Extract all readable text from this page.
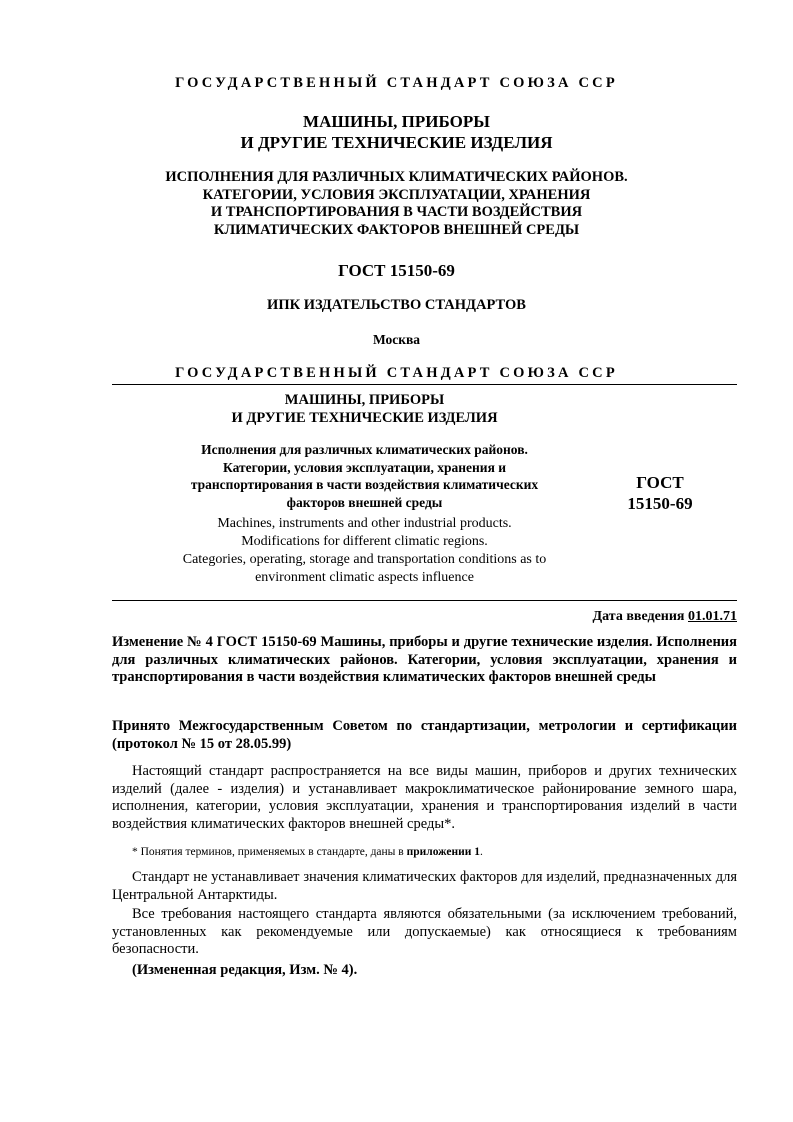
ГОСУДАРСТВЕННЫЙ СТАНДАРТ СОЮЗА ССР
МАШИНЫ, ПРИБОРЫ
И ДРУГИЕ ТЕХНИЧЕСКИЕ ИЗДЕЛИЯ
ИСПОЛНЕНИЯ ДЛЯ РАЗЛИЧНЫХ КЛИМАТИЧЕСКИХ РАЙОНОВ.
КАТЕГОРИИ, УСЛОВИЯ ЭКСПЛУАТАЦИИ, ХРАНЕНИЯ
И ТРАНСПОРТИРОВАНИЯ В ЧАСТИ ВОЗДЕЙСТВИЯ
КЛИМАТИЧЕСКИХ ФАКТОРОВ ВНЕШНЕЙ СРЕДЫ
ГОСТ 15150-69
ИПК ИЗДАТЕЛЬСТВО СТАНДАРТОВ
Москва
ГОСУДАРСТВЕННЫЙ СТАНДАРТ СОЮЗА ССР
МАШИНЫ, ПРИБОРЫ
И ДРУГИЕ ТЕХНИЧЕСКИЕ ИЗДЕЛИЯ
Исполнения для различных климатических районов.
Категории, условия эксплуатации, хранения и
транспортирования в части воздействия климатических
факторов внешней среды
Machines, instruments and other industrial products.
Modifications for different climatic regions.
Categories, operating, storage and transportation conditions as to
environment climatic aspects influence
ГОСТ
15150-69
Дата введения 01.01.71
Изменение № 4 ГОСТ 15150-69 Машины, приборы и другие технические изделия. Исполнения для различных климатических районов. Категории, условия эксплуатации, хранения и транспортирования в части воздействия климатических факторов внешней среды
Принято Межгосударственным Советом по стандартизации, метрологии и сертификации (протокол № 15 от 28.05.99)
Настоящий стандарт распространяется на все виды машин, приборов и других технических изделий (далее - изделия) и устанавливает макроклиматическое районирование земного шара, исполнения, категории, условия эксплуатации, хранения и транспортирования изделий в части воздействия климатических факторов внешней среды*.
* Понятия терминов, применяемых в стандарте, даны в приложении 1.
Стандарт не устанавливает значения климатических факторов для изделий, предназначенных для Центральной Антарктиды.
Все требования настоящего стандарта являются обязательными (за исключением требований, установленных как рекомендуемые или допускаемые) как относящиеся к требованиям безопасности.
(Измененная редакция, Изм. № 4).
